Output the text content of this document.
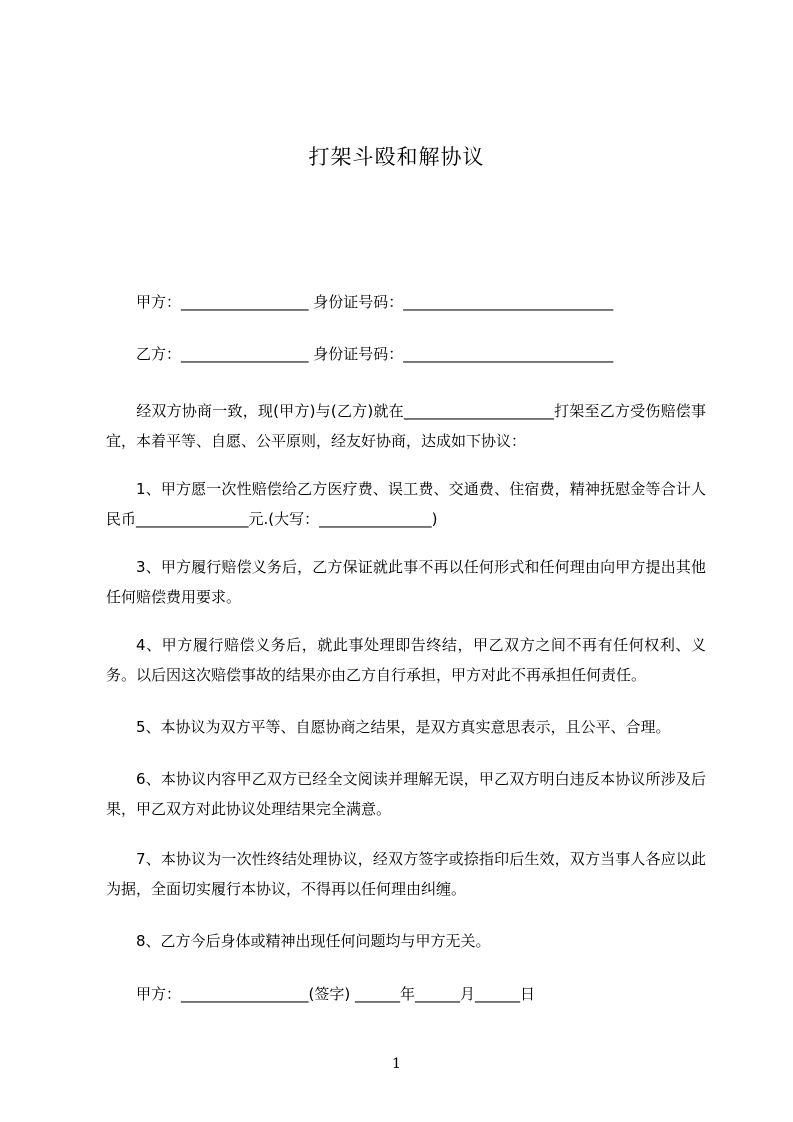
打架斗殴和解协议
甲方：_________________ 身份证号码：____________________________
乙方：_________________ 身份证号码：____________________________
经双方协商一致，现(甲方)与(乙方)就在____________________打架至乙方受伤赔偿事宜，本着平等、自愿、公平原则，经友好协商，达成如下协议：
1、甲方愿一次性赔偿给乙方医疗费、误工费、交通费、住宿费，精神抚慰金等合计人民币_______________元.(大写：_______________)
3、甲方履行赔偿义务后，乙方保证就此事不再以任何形式和任何理由向甲方提出其他任何赔偿费用要求。
4、甲方履行赔偿义务后，就此事处理即告终结，甲乙双方之间不再有任何权利、义务。以后因这次赔偿事故的结果亦由乙方自行承担，甲方对此不再承担任何责任。
5、本协议为双方平等、自愿协商之结果，是双方真实意思表示，且公平、合理。
6、本协议内容甲乙双方已经全文阅读并理解无误，甲乙双方明白违反本协议所涉及后果，甲乙双方对此协议处理结果完全满意。
7、本协议为一次性终结处理协议，经双方签字或捺指印后生效，双方当事人各应以此为据，全面切实履行本协议，不得再以任何理由纠缠。
8、乙方今后身体或精神出现任何问题均与甲方无关。
甲方：_________________(签字) ______年______月______日
1
